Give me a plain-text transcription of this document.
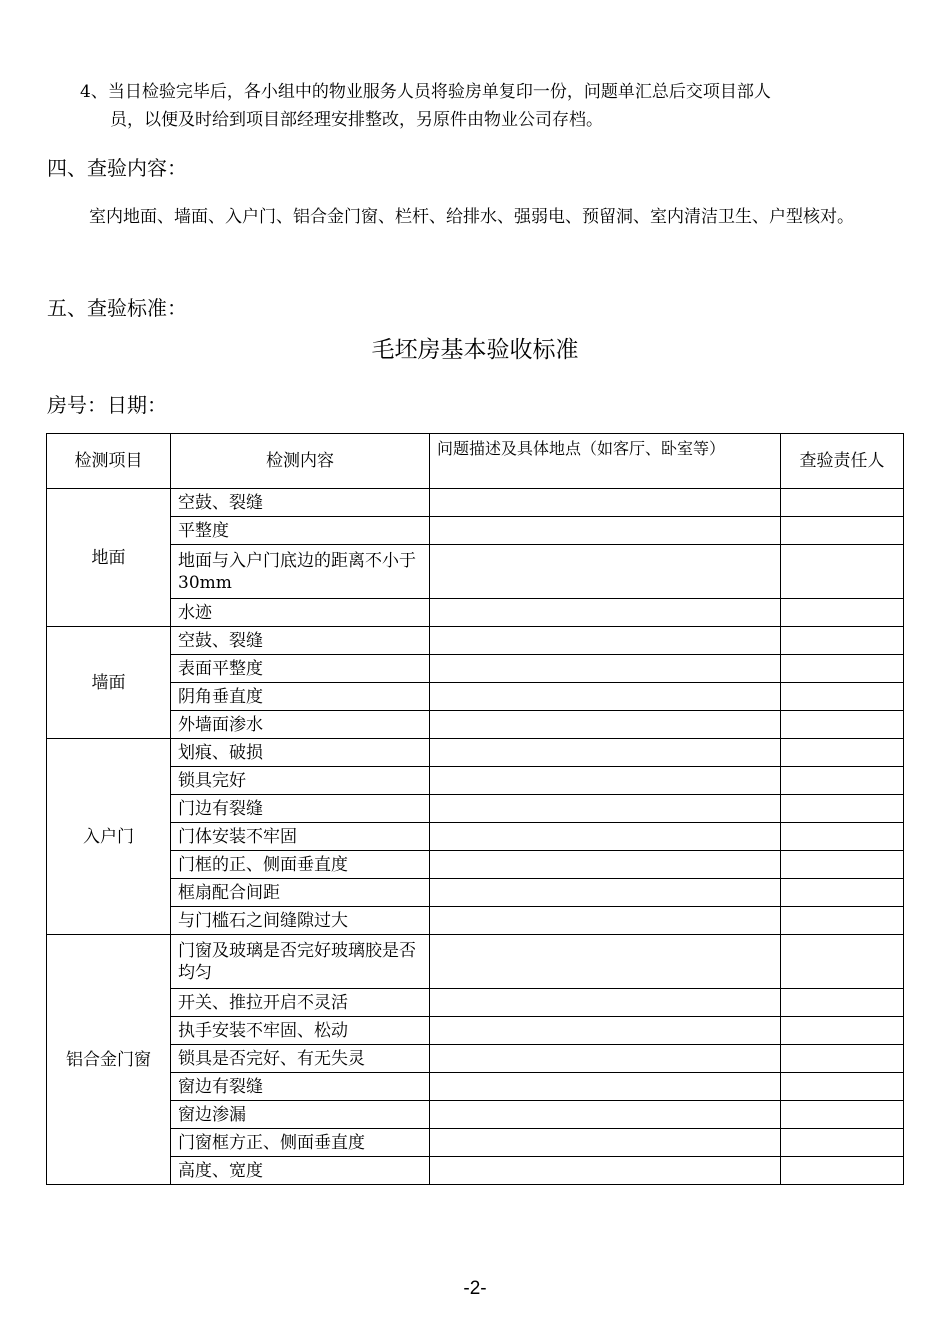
4、当日检验完毕后，各小组中的物业服务人员将验房单复印一份，问题单汇总后交项目部人
员，以便及时给到项目部经理安排整改，另原件由物业公司存档。
四、查验内容：
室内地面、墙面、入户门、铝合金门窗、栏杆、给排水、强弱电、预留洞、室内清洁卫生、户型核对。
五、查验标准：
毛坯房基本验收标准
房号：日期：
检测项目	检测内容	问题描述及具体地点（如客厅、卧室等）	查验责任人
地面	空鼓、裂缝		
	平整度		
	地面与入户门底边的距离不小于30mm		
	水迹		
墙面	空鼓、裂缝		
	表面平整度		
	阴角垂直度		
	外墙面渗水		
入户门	划痕、破损		
	锁具完好		
	门边有裂缝		
	门体安装不牢固		
	门框的正、侧面垂直度		
	框扇配合间距		
	与门槛石之间缝隙过大		
铝合金门窗	门窗及玻璃是否完好玻璃胶是否均匀		
	开关、推拉开启不灵活		
	执手安装不牢固、松动		
	锁具是否完好、有无失灵		
	窗边有裂缝		
	窗边渗漏		
	门窗框方正、侧面垂直度		
	高度、宽度		
-2-
